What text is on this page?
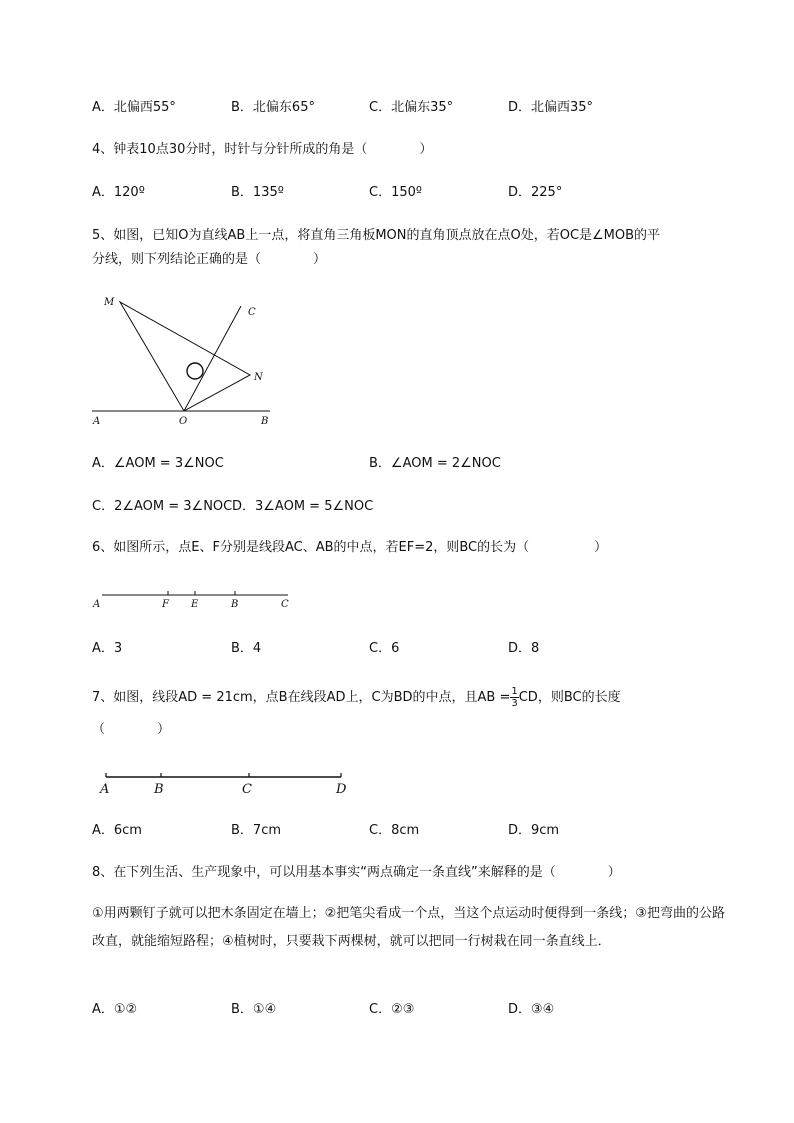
A．北偏西55°	B．北偏东65°	C．北偏东35°	D．北偏西35°
4、钟表10点30分时，时针与分针所成的角是（　　　　）
A．120º	B．135º	C．150º	D．225°
5、如图，已知O为直线AB上一点，将直角三角板MON的直角顶点放在点O处，若OC是∠MOB的平
分线，则下列结论正确的是（　　　　）
M
C
N
A	O	B
A．∠AOM = 3∠NOC	B．∠AOM = 2∠NOC
C．2∠AOM = 3∠NOC D．3∠AOM = 5∠NOC
6、如图所示，点E、F分别是线段AC、AB的中点，若EF=2，则BC的长为（　　　　　）
A	F E	B	C
A．3	B．4	C．6	D．8
7、如图，线段AD = 21cm，点B在线段AD上，C为BD的中点，且AB = $\frac{1}{3}$ CD，则BC的长度
（　　　　）
A	B	C	D
A．6cm	B．7cm	C．8cm	D．9cm
8、在下列生活、生产现象中，可以用基本事实“两点确定一条直线”来解释的是（　　　　）
①用两颗钉子就可以把木条固定在墙上；②把笔尖看成一个点，当这个点运动时便得到一条线；③把弯曲的公路改直，就能缩短路程；④植树时，只要栽下两棵树，就可以把同一行树栽在同一条直线上．
A．①②	B．①④	C．②③	D．③④
